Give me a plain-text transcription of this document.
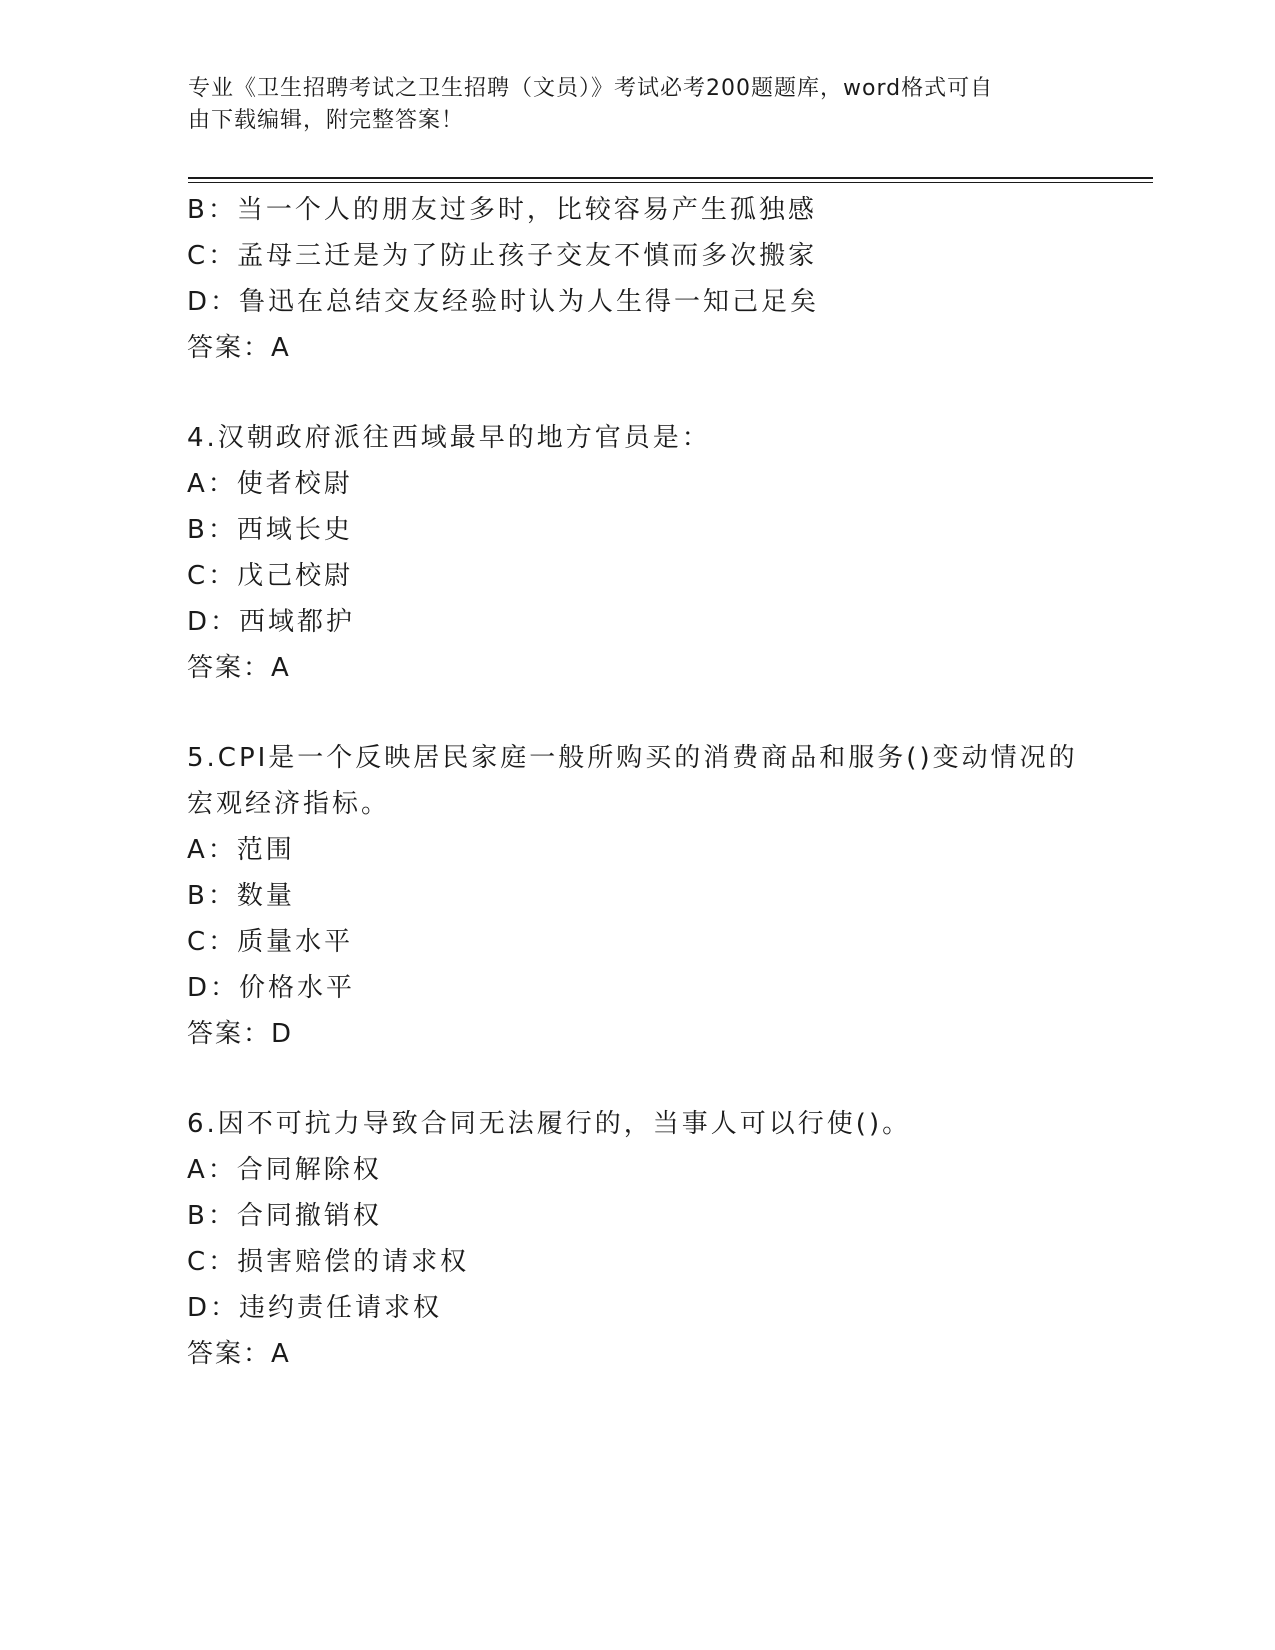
专业《卫生招聘考试之卫生招聘（文员）》考试必考200题题库，word格式可自
由下载编辑，附完整答案！
B：当一个人的朋友过多时，比较容易产生孤独感
C：孟母三迁是为了防止孩子交友不慎而多次搬家
D：鲁迅在总结交友经验时认为人生得一知己足矣
答案：A
4.汉朝政府派往西域最早的地方官员是：
A：使者校尉
B：西域长史
C：戊己校尉
D：西域都护
答案：A
5.CPI是一个反映居民家庭一般所购买的消费商品和服务()变动情况的
宏观经济指标。
A：范围
B：数量
C：质量水平
D：价格水平
答案：D
6.因不可抗力导致合同无法履行的，当事人可以行使()。
A：合同解除权
B：合同撤销权
C：损害赔偿的请求权
D：违约责任请求权
答案：A
